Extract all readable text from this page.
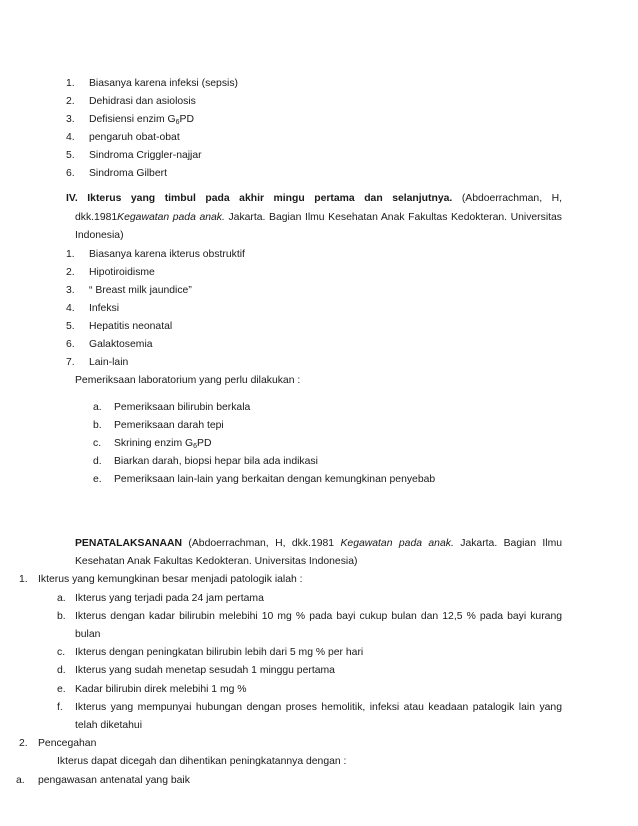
1. Biasanya karena infeksi (sepsis)
2. Dehidrasi dan asiolosis
3. Defisiensi enzim $G_6PD$
4. pengaruh obat-obat
5. Sindroma Criggler-najjar
6. Sindroma Gilbert
IV. Ikterus yang timbul pada akhir mingu pertama dan selanjutnya. (Abdoerrachman, H,
dkk.1981Kegawatan pada anak. Jakarta. Bagian Ilmu Kesehatan Anak Fakultas Kedokteran. Universitas
Indonesia)
1. Biasanya karena ikterus obstruktif
2. Hipotiroidisme
3. “ Breast milk jaundice”
4. Infeksi
5. Hepatitis neonatal
6. Galaktosemia
7. Lain-lain
Pemeriksaan laboratorium yang perlu dilakukan :
a. Pemeriksaan bilirubin berkala
b. Pemeriksaan darah tepi
c. Skrining enzim $G_6PD$
d. Biarkan darah, biopsi hepar bila ada indikasi
e. Pemeriksaan lain-lain yang berkaitan dengan kemungkinan penyebab
PENATALAKSANAAN (Abdoerrachman, H, dkk.1981 Kegawatan pada anak. Jakarta. Bagian Ilmu
Kesehatan Anak Fakultas Kedokteran. Universitas Indonesia)
1. Ikterus yang kemungkinan besar menjadi patologik ialah :
a. Ikterus yang terjadi pada 24 jam pertama
b. Ikterus dengan kadar bilirubin melebihi 10 mg % pada bayi cukup bulan dan 12,5 % pada bayi kurang
bulan
c. Ikterus dengan peningkatan bilirubin lebih dari 5 mg % per hari
d. Ikterus yang sudah menetap sesudah 1 minggu pertama
e. Kadar bilirubin direk melebihi 1 mg %
f. Ikterus yang mempunyai hubungan dengan proses hemolitik, infeksi atau keadaan patalogik lain yang
telah diketahui
2. Pencegahan
Ikterus dapat dicegah dan dihentikan peningkatannya dengan :
a. pengawasan antenatal yang baik
